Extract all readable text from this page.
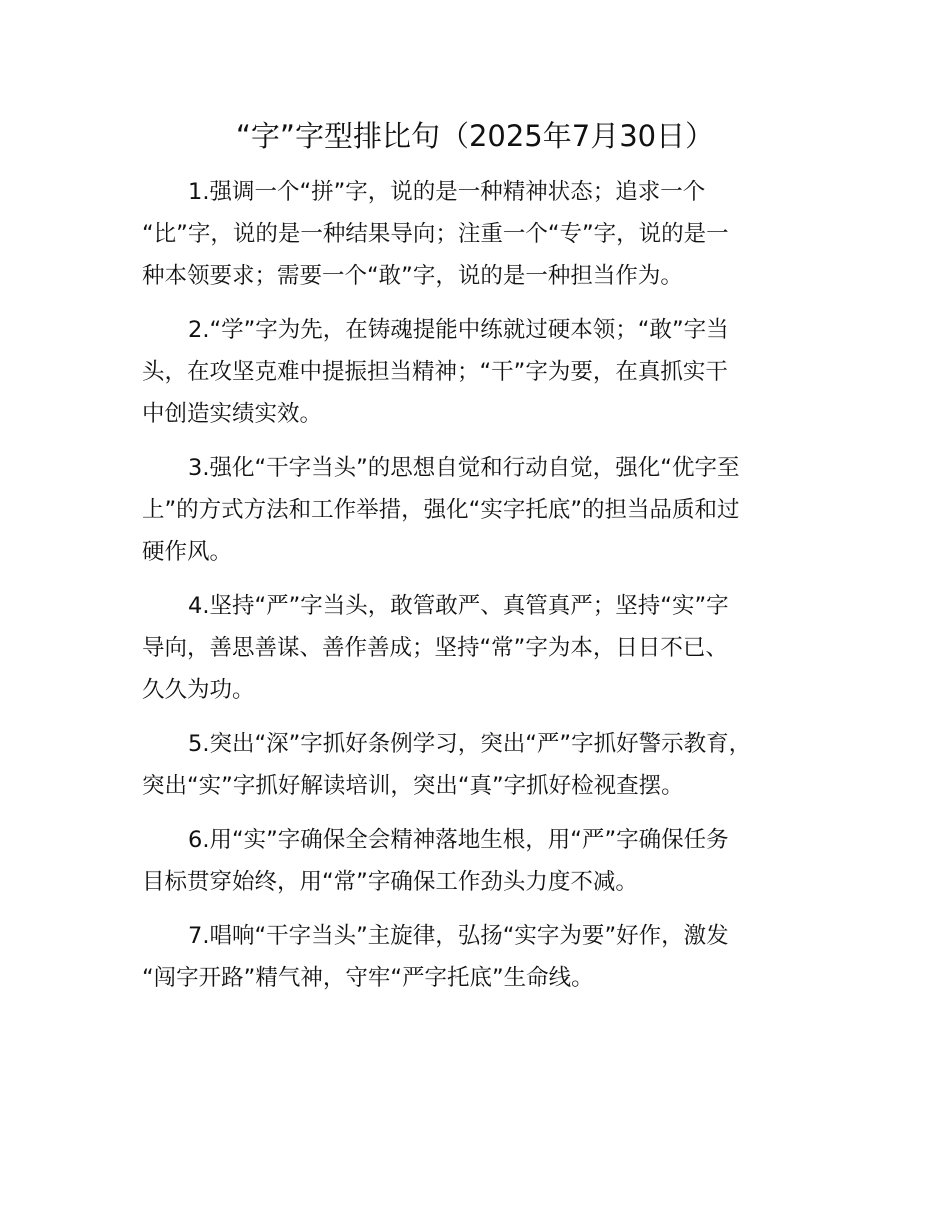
“字”字型排比句（2025年7月30日）
1.强调一个“拼”字，说的是一种精神状态；追求一个
“比”字，说的是一种结果导向；注重一个“专”字，说的是一
种本领要求；需要一个“敢”字，说的是一种担当作为。
2.“学”字为先，在铸魂提能中练就过硬本领；“敢”字当
头，在攻坚克难中提振担当精神；“干”字为要，在真抓实干
中创造实绩实效。
3.强化“干字当头”的思想自觉和行动自觉，强化“优字至
上”的方式方法和工作举措，强化“实字托底”的担当品质和过
硬作风。
4.坚持“严”字当头，敢管敢严、真管真严；坚持“实”字
导向，善思善谋、善作善成；坚持“常”字为本，日日不已、
久久为功。
5.突出“深”字抓好条例学习，突出“严”字抓好警示教育，
突出“实”字抓好解读培训，突出“真”字抓好检视查摆。
6.用“实”字确保全会精神落地生根，用“严”字确保任务
目标贯穿始终，用“常”字确保工作劲头力度不减。
7.唱响“干字当头”主旋律，弘扬“实字为要”好作，激发
“闯字开路”精气神，守牢“严字托底”生命线。
